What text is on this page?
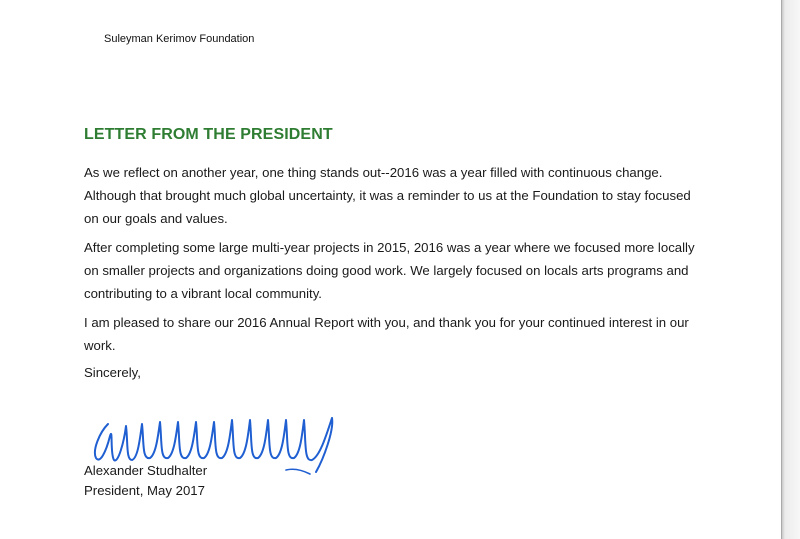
Suleyman Kerimov Foundation
LETTER FROM THE PRESIDENT

As we reflect on another year, one thing stands out--2016 was a year filled with continuous change. Although that brought much global uncertainty, it was a reminder to us at the Foundation to stay focused on our goals and values.

After completing some large multi-year projects in 2015, 2016 was a year where we focused more locally on smaller projects and organizations doing good work. We largely focused on locals arts programs and contributing to a vibrant local community.

I am pleased to share our 2016 Annual Report with you, and thank you for your continued interest in our work.

Sincerely,
Alexander Studhalter
President, May 2017
